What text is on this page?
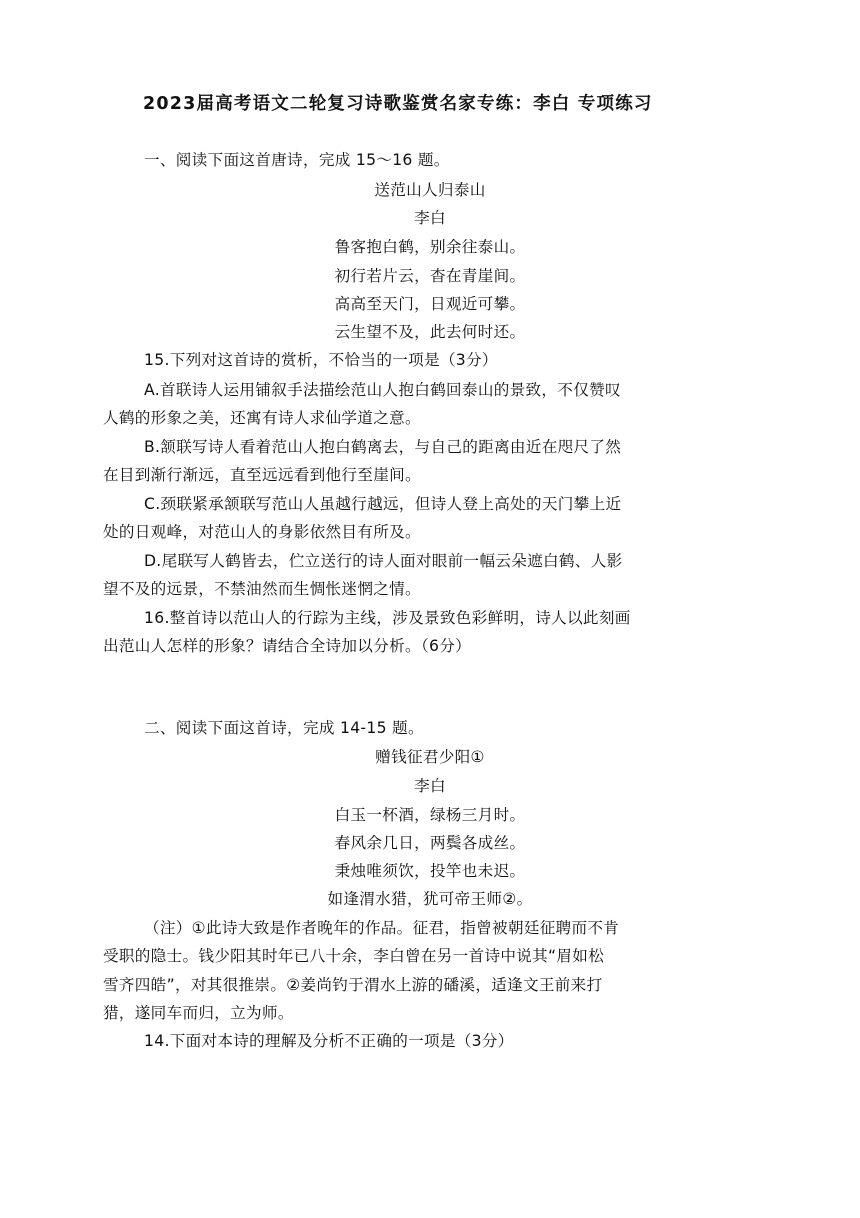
2023届高考语文二轮复习诗歌鉴赏名家专练：李白 专项练习
一、阅读下面这首唐诗，完成 15～16 题。
送范山人归泰山
李白
鲁客抱白鹤，别余往泰山。
初行若片云，杳在青崖间。
高高至天门，日观近可攀。
云生望不及，此去何时还。
15.下列对这首诗的赏析，不恰当的一项是（3分）
A.首联诗人运用铺叙手法描绘范山人抱白鹤回泰山的景致，不仅赞叹
人鹤的形象之美，还寓有诗人求仙学道之意。
B.颔联写诗人看着范山人抱白鹤离去，与自己的距离由近在咫尺了然
在目到渐行渐远，直至远远看到他行至崖间。
C.颈联紧承颔联写范山人虽越行越远，但诗人登上高处的天门攀上近
处的日观峰，对范山人的身影依然目有所及。
D.尾联写人鹤皆去，伫立送行的诗人面对眼前一幅云朵遮白鹤、人影
望不及的远景，不禁油然而生惆怅迷惘之情。
16.整首诗以范山人的行踪为主线，涉及景致色彩鲜明，诗人以此刻画
出范山人怎样的形象？请结合全诗加以分析。（6分）
二、阅读下面这首诗，完成 14-15 题。
赠钱征君少阳①
李白
白玉一杯酒，绿杨三月时。
春风余几日，两鬓各成丝。
秉烛唯须饮，投竿也未迟。
如逢渭水猎，犹可帝王师②。
（注）①此诗大致是作者晚年的作品。征君，指曾被朝廷征聘而不肯
受职的隐士。钱少阳其时年已八十余，李白曾在另一首诗中说其“眉如松
雪齐四皓”，对其很推崇。②姜尚钓于渭水上游的磻溪，适逢文王前来打
猎，遂同车而归，立为师。
14.下面对本诗的理解及分析不正确的一项是（3分）
